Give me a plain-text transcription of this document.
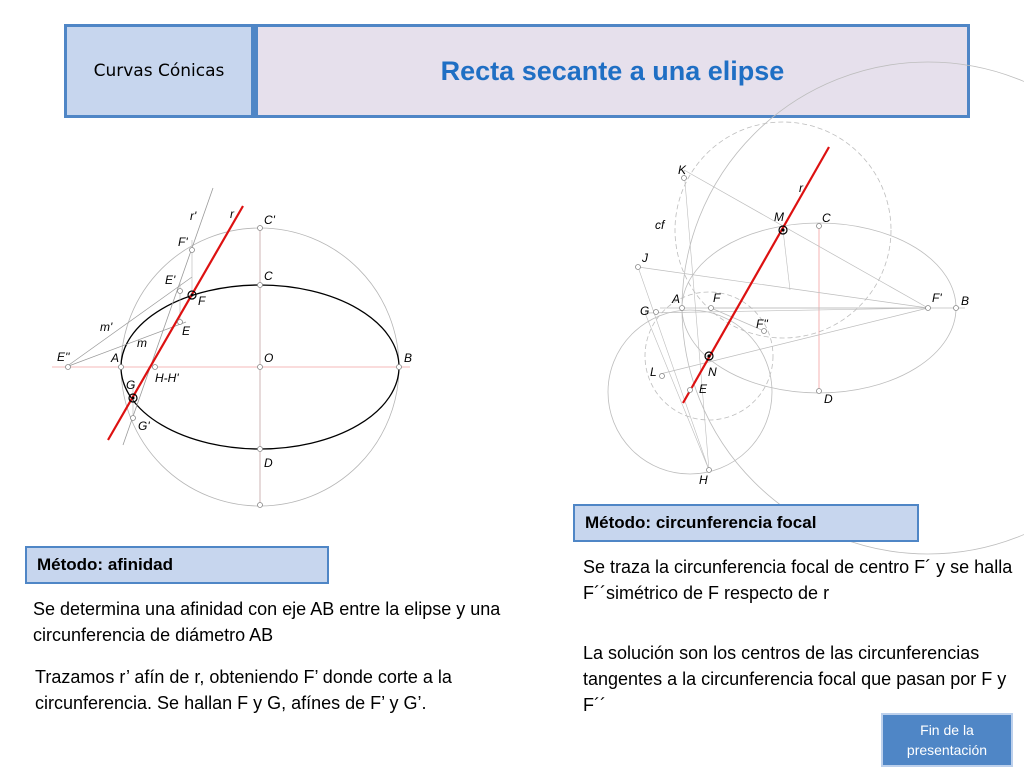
Curvas Cónicas	Recta secante a una elipse
r'	r	C'
F'
C
E'
F
m'	E
m
E''	A	O	B
G H-H'
G'
D
K
r
M	C
cf
J
A	F	F' B
G
F''
L	N
E
D
H
Método: circunferencia focal
Método: afinidad
Se determina una afinidad con eje AB entre la elipse y una circunferencia de diámetro AB
Trazamos r’ afín de r, obteniendo F’ donde corte a la circunferencia. Se hallan F y G, afínes de F’ y G’.
Se traza la circunferencia focal de centro F´ y se halla F´´simétrico de F respecto de r
La solución son los centros de las circunferencias tangentes a la circunferencia focal que pasan por F y F´´
Fin de la presentación
